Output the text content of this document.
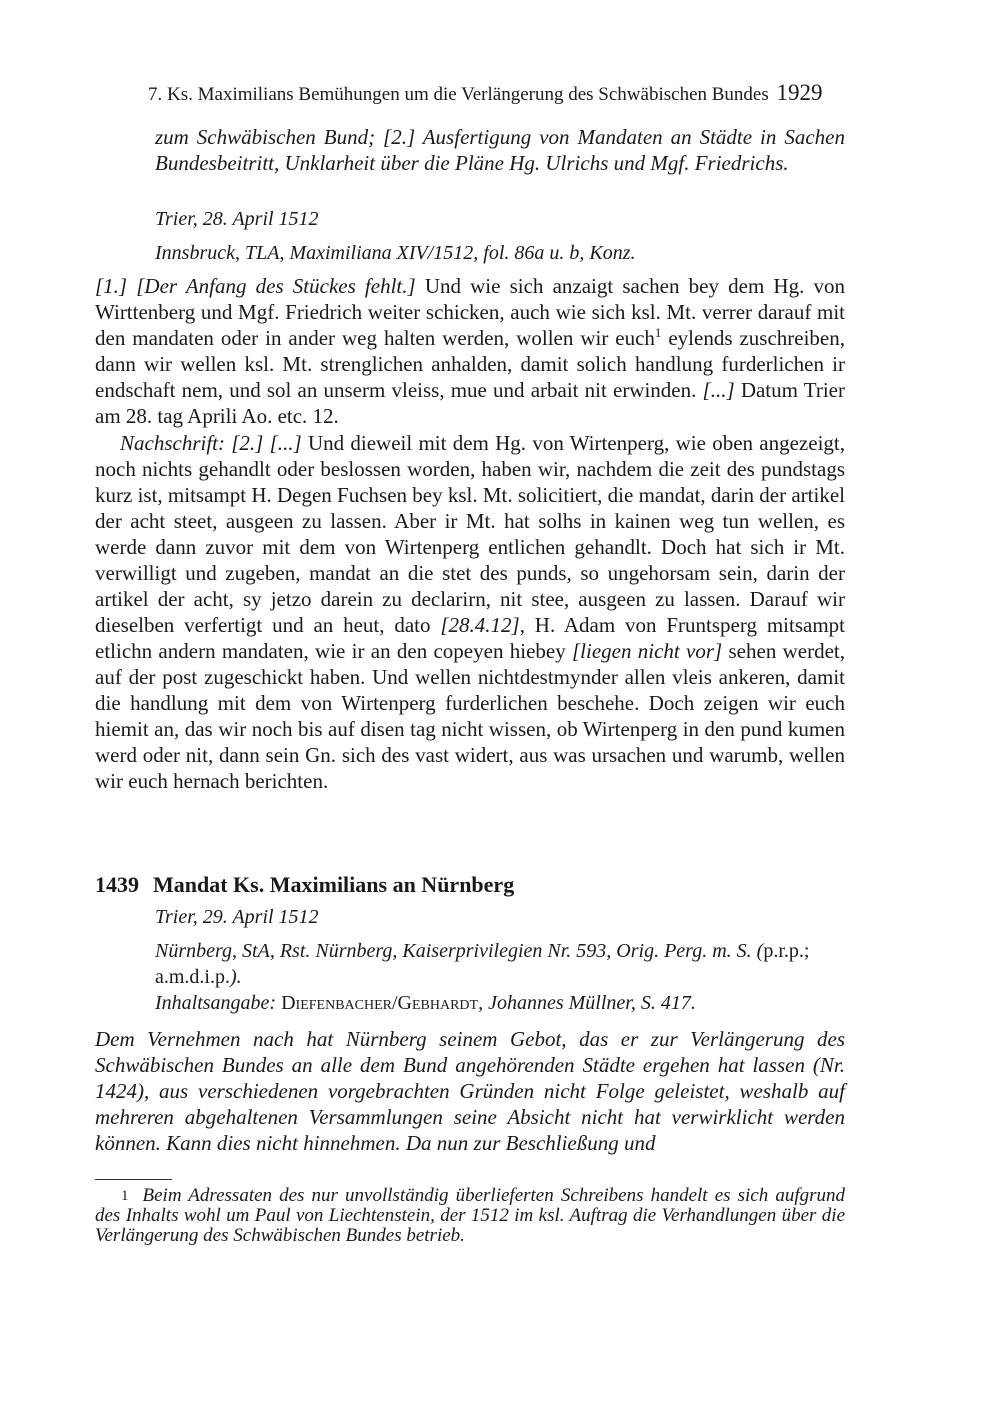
7. Ks. Maximilians Bemühungen um die Verlängerung des Schwäbischen Bundes 1929
zum Schwäbischen Bund; [2.] Ausfertigung von Mandaten an Städte in Sachen Bundesbeitritt, Unklarheit über die Pläne Hg. Ulrichs und Mgf. Friedrichs.
Trier, 28. April 1512
Innsbruck, TLA, Maximiliana XIV/1512, fol. 86a u. b, Konz.
[1.] [Der Anfang des Stückes fehlt.] Und wie sich anzaigt sachen bey dem Hg. von Wirttenberg und Mgf. Friedrich weiter schicken, auch wie sich ksl. Mt. verrer darauf mit den mandaten oder in ander weg halten werden, wollen wir euch$^1$ eylends zuschreiben, dann wir wellen ksl. Mt. strenglichen anhalden, damit solich handlung furderlichen ir endschaft nem, und sol an unserm vleiss, mue und arbait nit erwinden. [...] Datum Trier am 28. tag Aprili Ao. etc. 12.
Nachschrift: [2.] [...] Und dieweil mit dem Hg. von Wirtenperg, wie oben angezeigt, noch nichts gehandlt oder beslossen worden, haben wir, nachdem die zeit des pundstags kurz ist, mitsampt H. Degen Fuchsen bey ksl. Mt. solicitiert, die mandat, darin der artikel der acht steet, ausgeen zu lassen. Aber ir Mt. hat solhs in kainen weg tun wellen, es werde dann zuvor mit dem von Wirtenperg entlichen gehandlt. Doch hat sich ir Mt. verwilligt und zugeben, mandat an die stet des punds, so ungehorsam sein, darin der artikel der acht, sy jetzo darein zu declarirn, nit stee, ausgeen zu lassen. Darauf wir dieselben verfertigt und an heut, dato [28.4.12], H. Adam von Fruntsperg mitsampt etlichn andern mandaten, wie ir an den copeyen hiebey [liegen nicht vor] sehen werdet, auf der post zugeschickt haben. Und wellen nichtdestmynder allen vleis ankeren, damit die handlung mit dem von Wirtenperg furderlichen beschehe. Doch zeigen wir euch hiemit an, das wir noch bis auf disen tag nicht wissen, ob Wirtenperg in den pund kumen werd oder nit, dann sein Gn. sich des vast widert, aus was ursachen und warumb, wellen wir euch hernach berichten.
1439 Mandat Ks. Maximilians an Nürnberg
Trier, 29. April 1512
Nürnberg, StA, Rst. Nürnberg, Kaiserprivilegien Nr. 593, Orig. Perg. m. S. (p.r.p.; a.m.d.i.p.).
Inhaltsangabe: Diefenbacher/Gebhardt, Johannes Müllner, S. 417.
Dem Vernehmen nach hat Nürnberg seinem Gebot, das er zur Verlängerung des Schwäbischen Bundes an alle dem Bund angehörenden Städte ergehen hat lassen (Nr. 1424), aus verschiedenen vorgebrachten Gründen nicht Folge geleistet, weshalb auf mehreren abgehaltenen Versammlungen seine Absicht nicht hat verwirklicht werden können. Kann dies nicht hinnehmen. Da nun zur Beschließung und
$^1$ Beim Adressaten des nur unvollständig überlieferten Schreibens handelt es sich aufgrund des Inhalts wohl um Paul von Liechtenstein, der 1512 im ksl. Auftrag die Verhandlungen über die Verlängerung des Schwäbischen Bundes betrieb.
